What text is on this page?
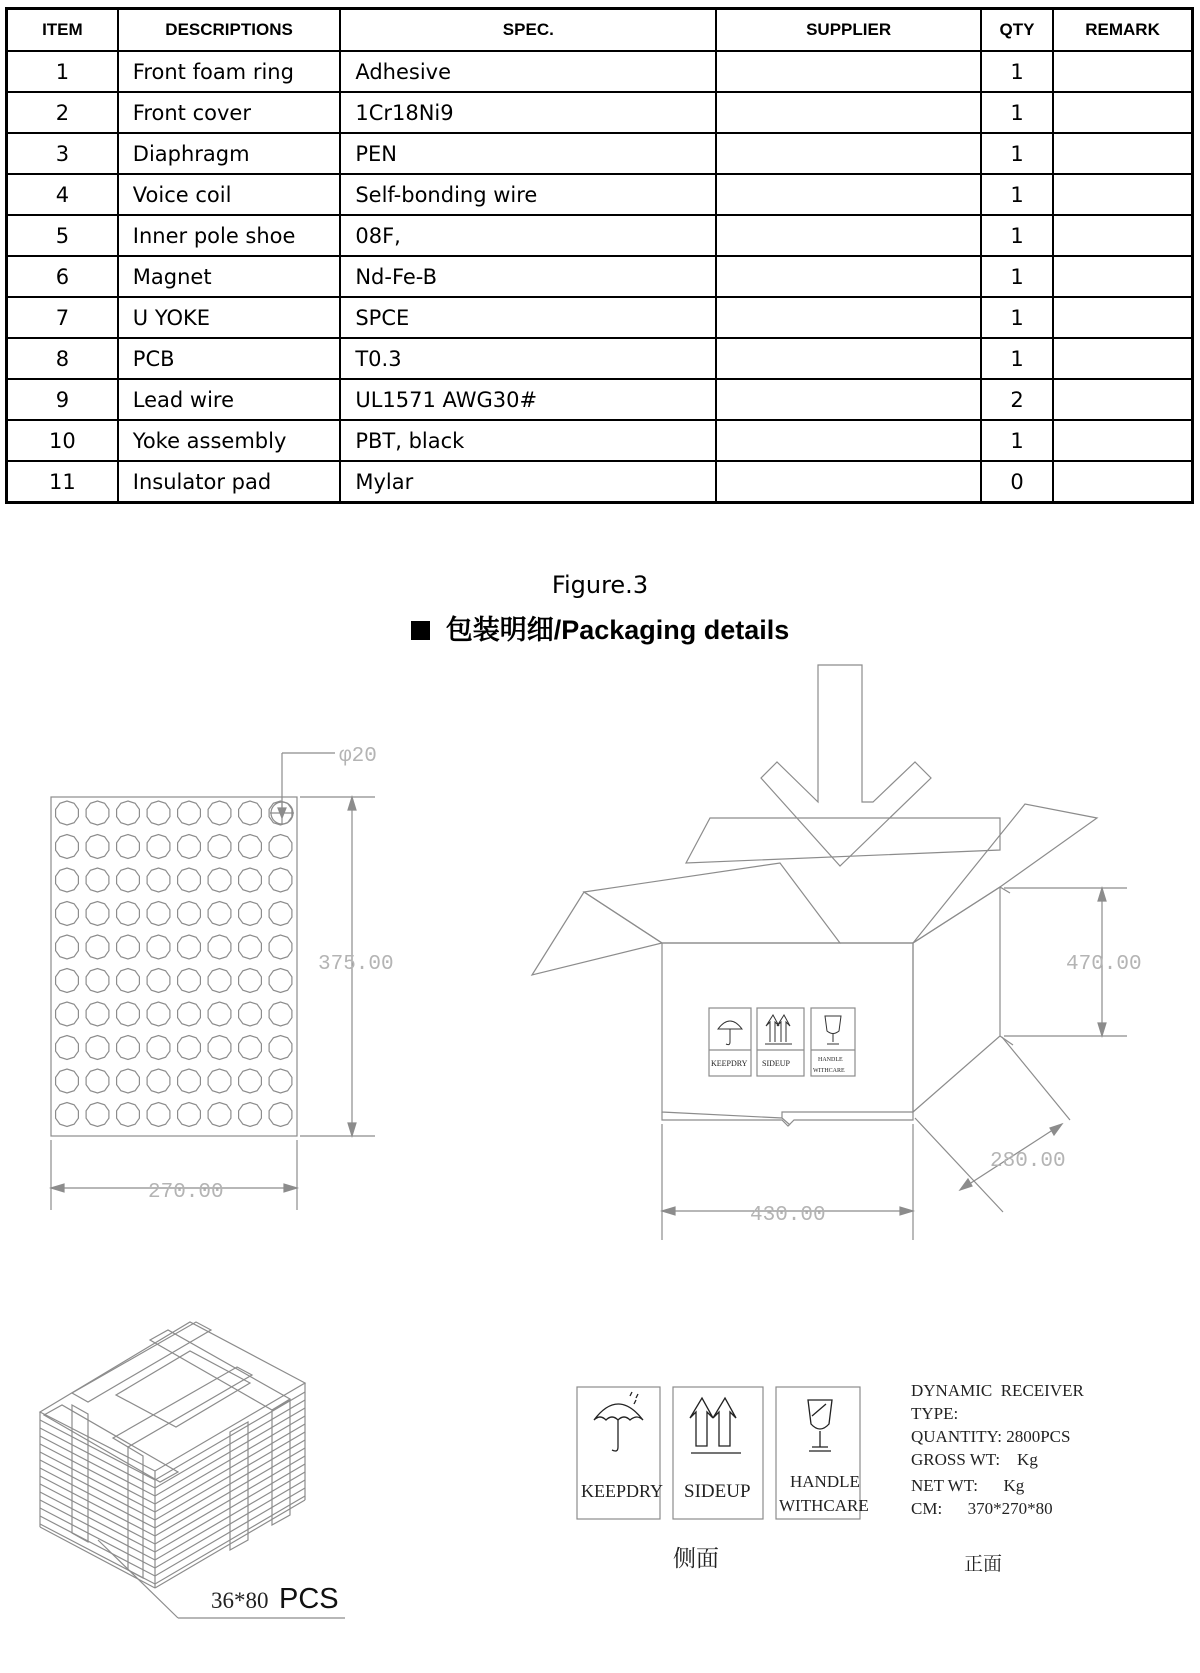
ITEM	DESCRIPTIONS	SPEC.	SUPPLIER	QTY	REMARK
1	Front foam ring	Adhesive		1	
2	Front cover	1Cr18Ni9		1	
3	Diaphragm	PEN		1	
4	Voice coil	Self-bonding wire		1	
5	Inner pole shoe	08F,		1	
6	Magnet	Nd-Fe-B		1	
7	U YOKE	SPCE		1	
8	PCB	T0.3		1	
9	Lead wire	UL1571 AWG30#		2	
10	Yoke assembly	PBT, black		1	
11	Insulator pad	Mylar		0	
Figure.3
包装明细/Packaging details
φ20
375.00
270.00
470.00
430.00
280.00
KEEPDRY SIDEUP	HANDLE
WITHCARE
KEEPDRY SIDEUP HANDLE
WITHCARE
侧面
DYNAMIC  RECEIVER
TYPE:
QUANTITY: 2800PCS
GROSS WT:    Kg
NET WT:      Kg
CM:      370*270*80
正面
36*80 PCS
